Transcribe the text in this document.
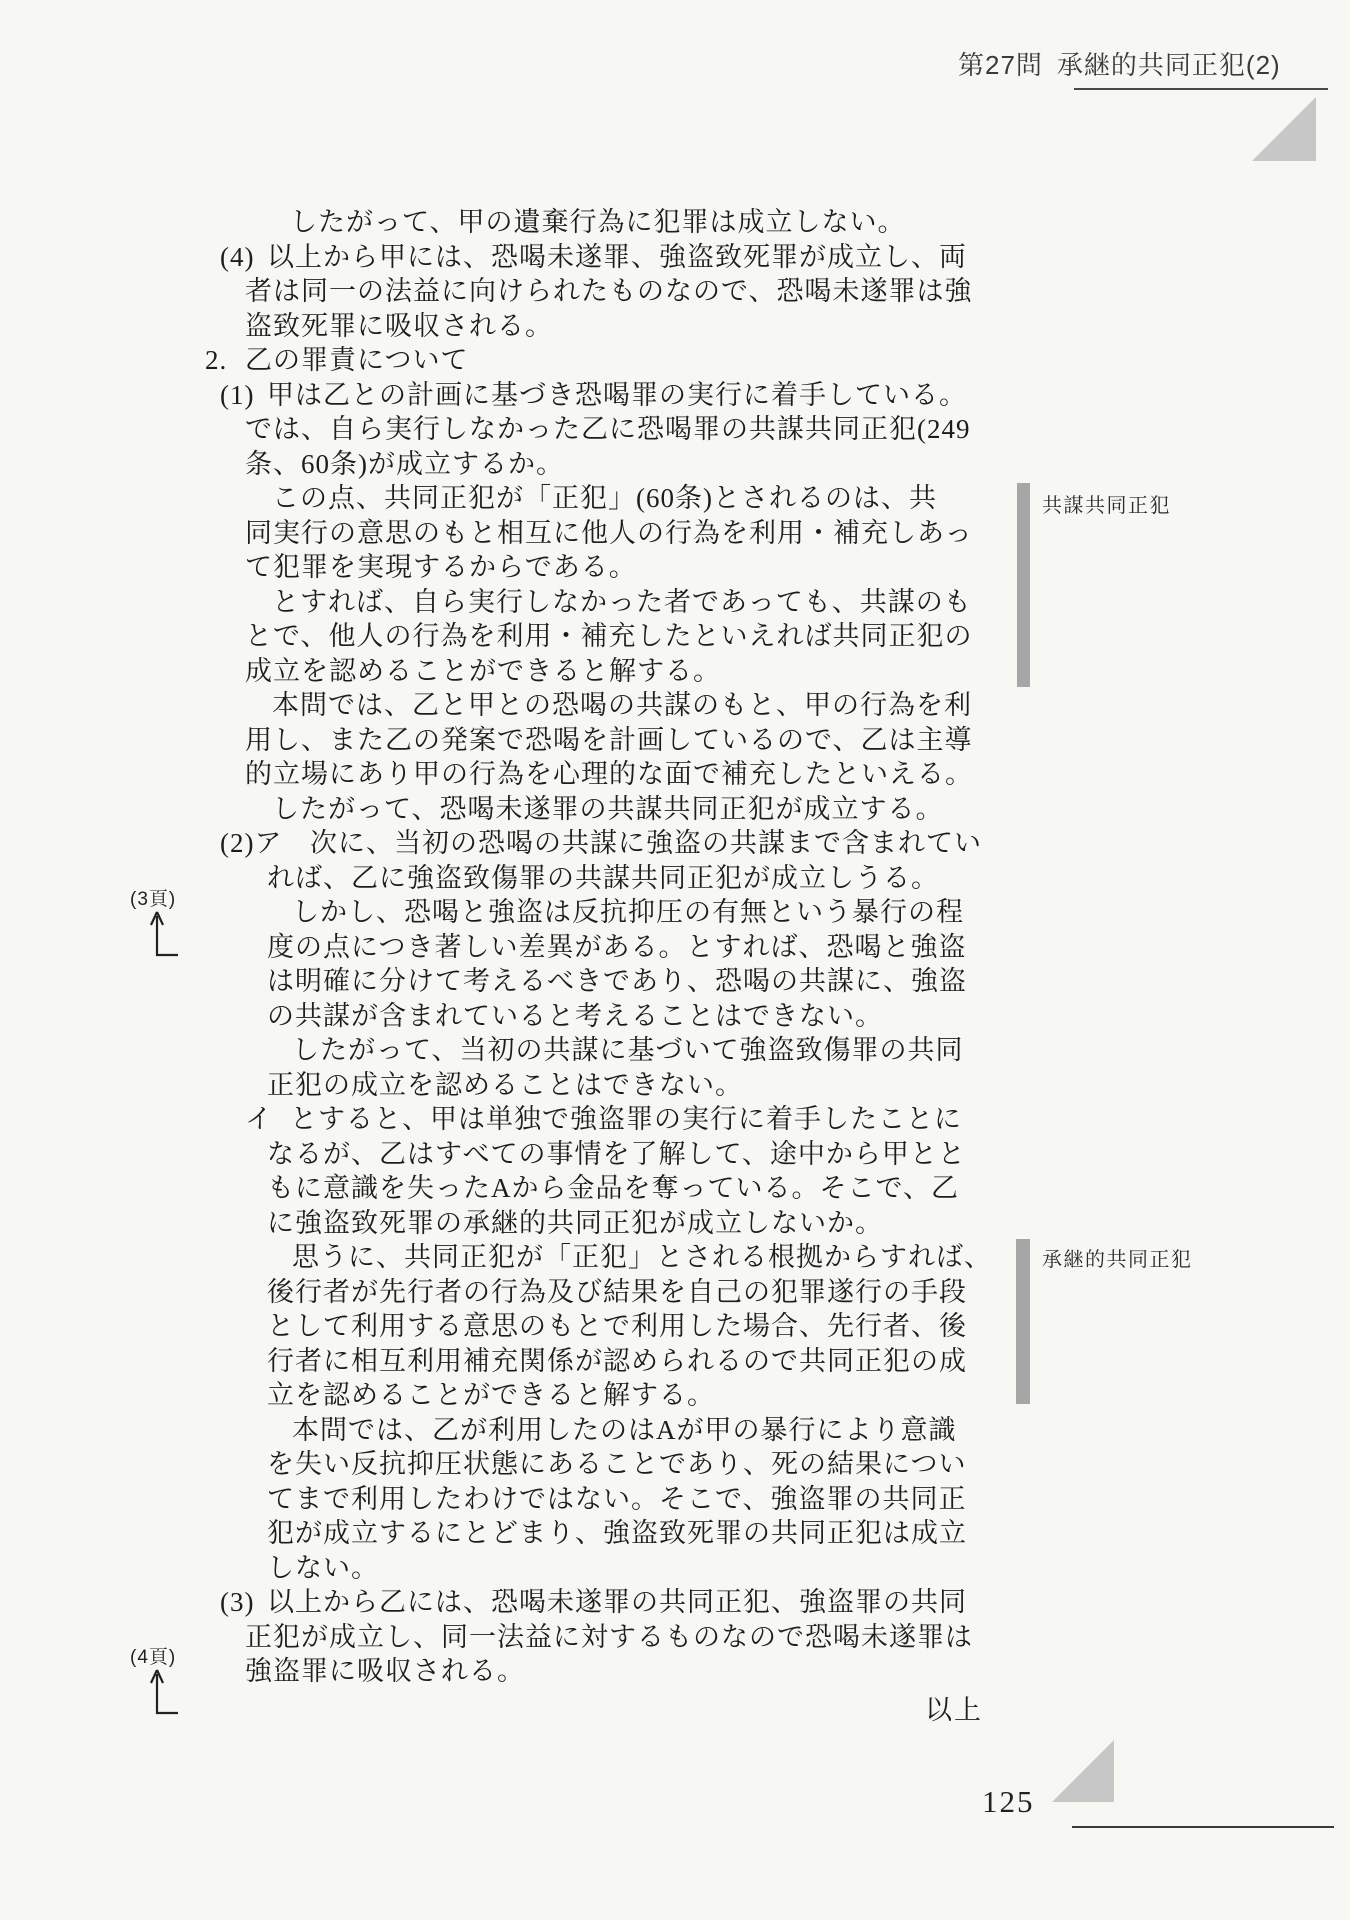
第27問 承継的共同正犯(2)
したがって、甲の遺棄行為に犯罪は成立しない。
(4) 以上から甲には、恐喝未遂罪、強盗致死罪が成立し、両
者は同一の法益に向けられたものなので、恐喝未遂罪は強
盗致死罪に吸収される。
2. 乙の罪責について
(1) 甲は乙との計画に基づき恐喝罪の実行に着手している。
では、自ら実行しなかった乙に恐喝罪の共謀共同正犯(249
条、60条)が成立するか。
この点、共同正犯が「正犯」(60条)とされるのは、共
同実行の意思のもと相互に他人の行為を利用・補充しあっ
て犯罪を実現するからである。
とすれば、自ら実行しなかった者であっても、共謀のも
とで、他人の行為を利用・補充したといえれば共同正犯の
成立を認めることができると解する。
本問では、乙と甲との恐喝の共謀のもと、甲の行為を利
用し、また乙の発案で恐喝を計画しているので、乙は主導
的立場にあり甲の行為を心理的な面で補充したといえる。
したがって、恐喝未遂罪の共謀共同正犯が成立する。
(2)ア	次に、当初の恐喝の共謀に強盗の共謀まで含まれてい
れば、乙に強盗致傷罪の共謀共同正犯が成立しうる。
しかし、恐喝と強盗は反抗抑圧の有無という暴行の程
度の点につき著しい差異がある。とすれば、恐喝と強盗
は明確に分けて考えるべきであり、恐喝の共謀に、強盗
の共謀が含まれていると考えることはできない。
したがって、当初の共謀に基づいて強盗致傷罪の共同
正犯の成立を認めることはできない。
イ とすると、甲は単独で強盗罪の実行に着手したことに
なるが、乙はすべての事情を了解して、途中から甲とと
もに意識を失ったAから金品を奪っている。そこで、乙
に強盗致死罪の承継的共同正犯が成立しないか。
思うに、共同正犯が「正犯」とされる根拠からすれば、
後行者が先行者の行為及び結果を自己の犯罪遂行の手段
として利用する意思のもとで利用した場合、先行者、後
行者に相互利用補充関係が認められるので共同正犯の成
立を認めることができると解する。
本問では、乙が利用したのはAが甲の暴行により意識
を失い反抗抑圧状態にあることであり、死の結果につい
てまで利用したわけではない。そこで、強盗罪の共同正
犯が成立するにとどまり、強盗致死罪の共同正犯は成立
しない。
(3) 以上から乙には、恐喝未遂罪の共同正犯、強盗罪の共同
正犯が成立し、同一法益に対するものなので恐喝未遂罪は
強盗罪に吸収される。
以上
共謀共同正犯
承継的共同正犯
(3頁)
(4頁)
125
